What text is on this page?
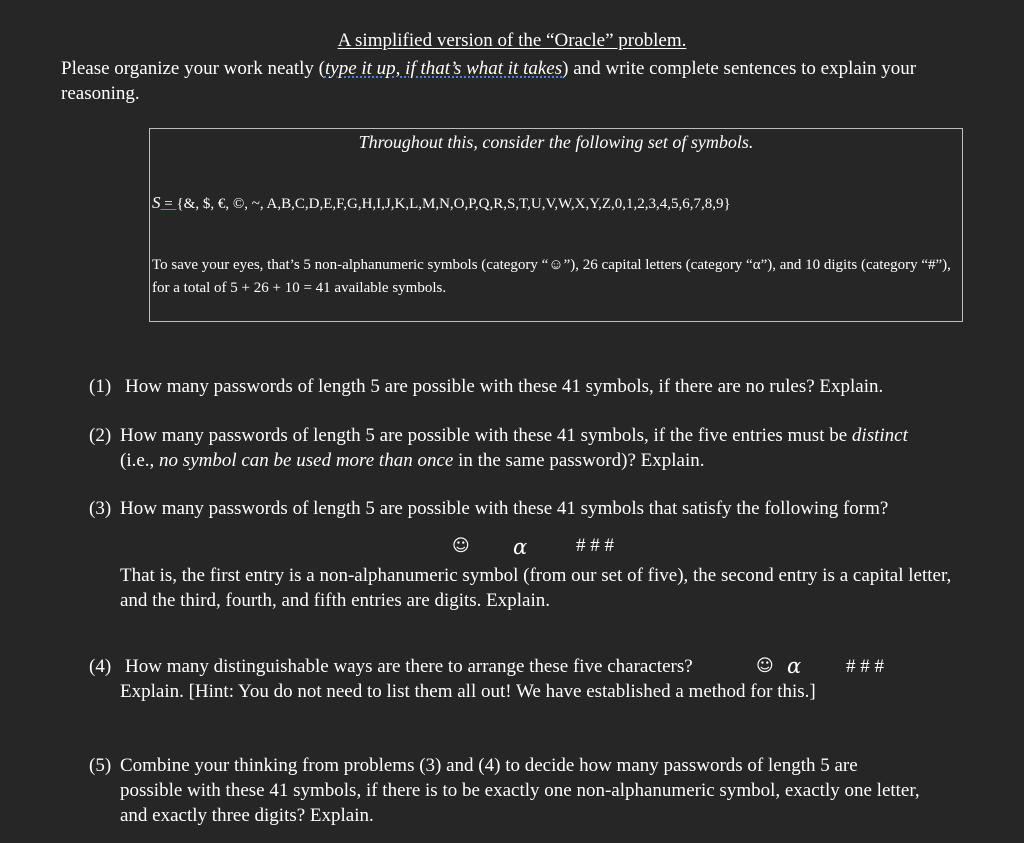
A simplified version of the “Oracle” problem.
Please organize your work neatly (type it up, if that’s what it takes) and write complete sentences to explain your reasoning.
Throughout this, consider the following set of symbols.
S = {&, $, €, ©, ~, A,B,C,D,E,F,G,H,I,J,K,L,M,N,O,P,Q,R,S,T,U,V,W,X,Y,Z,0,1,2,3,4,5,6,7,8,9}
To save your eyes, that’s 5 non-alphanumeric symbols (category “☺”), 26 capital letters (category “α”), and 10 digits (category “#”), for a total of 5 + 26 + 10 = 41 available symbols.
(1) How many passwords of length 5 are possible with these 41 symbols, if there are no rules? Explain.
(2) How many passwords of length 5 are possible with these 41 symbols, if the five entries must be distinct
(i.e., no symbol can be used more than once in the same password)? Explain.
(3) How many passwords of length 5 are possible with these 41 symbols that satisfy the following form?
☺ α	# # #
That is, the first entry is a non-alphanumeric symbol (from our set of five), the second entry is a capital letter, and the third, fourth, and fifth entries are digits. Explain.
(4) How many distinguishable ways are there to arrange these five characters?	☺ α # # #
Explain. [Hint: You do not need to list them all out! We have established a method for this.]
(5) Combine your thinking from problems (3) and (4) to decide how many passwords of length 5 are possible with these 41 symbols, if there is to be exactly one non-alphanumeric symbol, exactly one letter, and exactly three digits? Explain.
